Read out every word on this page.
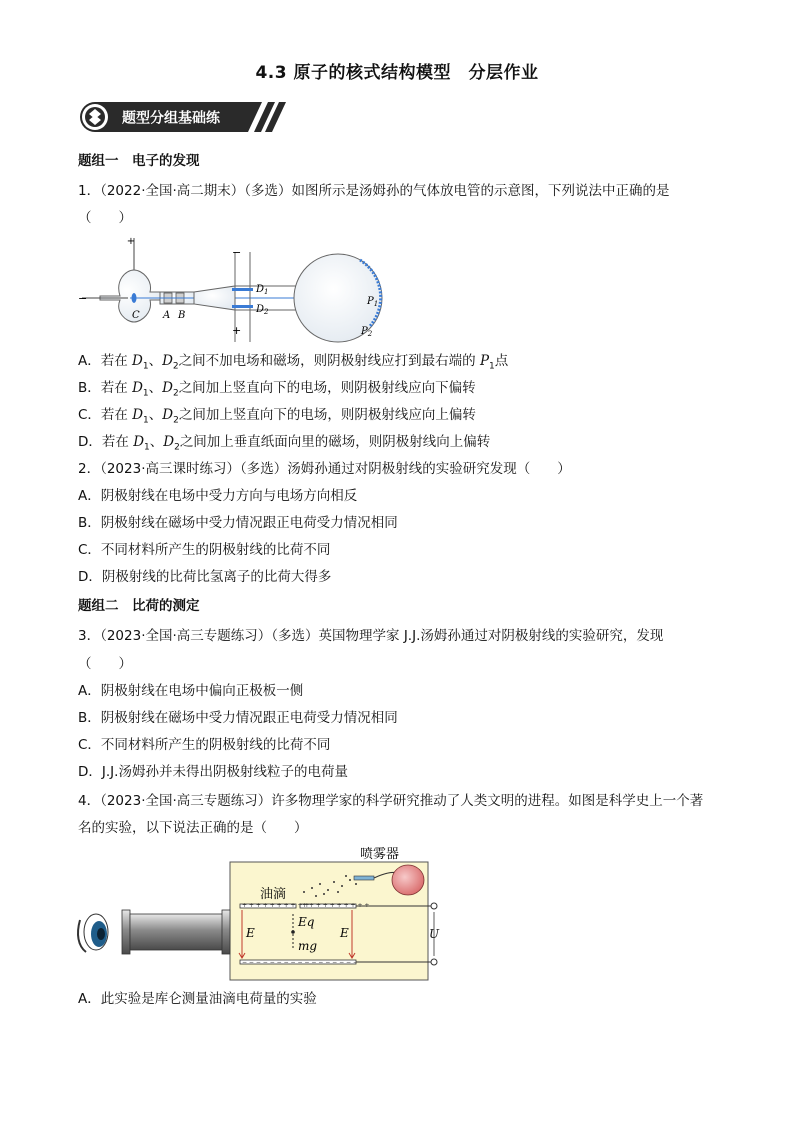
4.3 原子的核式结构模型　分层作业
题型分组基础练
题组一　电子的发现
1．（2022·全国·高二期末）（多选）如图所示是汤姆孙的气体放电管的示意图，下列说法中正确的是
（　　）
+
−
−
+
C A B
$D_1$
$D_2$
$P_1$
$P_2$
A．若在 $D_1$、$D_2$之间不加电场和磁场，则阴极射线应打到最右端的 $P_1$点
B．若在 $D_1$、$D_2$之间加上竖直向下的电场，则阴极射线应向下偏转
C．若在 $D_1$、$D_2$之间加上竖直向下的电场，则阴极射线应向上偏转
D．若在 $D_1$、$D_2$之间加上垂直纸面向里的磁场，则阴极射线向上偏转
2．（2023·高三课时练习）（多选）汤姆孙通过对阴极射线的实验研究发现（　　）
A．阴极射线在电场中受力方向与电场方向相反
B．阴极射线在磁场中受力情况跟正电荷受力情况相同
C．不同材料所产生的阴极射线的比荷不同
D．阴极射线的比荷比氢离子的比荷大得多
题组二　比荷的测定
3．（2023·全国·高三专题练习）（多选）英国物理学家 J.J.汤姆孙通过对阴极射线的实验研究，发现
（　　）
A．阴极射线在电场中偏向正极板一侧
B．阴极射线在磁场中受力情况跟正电荷受力情况相同
C．不同材料所产生的阴极射线的比荷不同
D．J.J.汤姆孙并未得出阴极射线粒子的电荷量
4．（2023·全国·高三专题练习）许多物理学家的科学研究推动了人类文明的进程。如图是科学史上一个著
名的实验，以下说法正确的是（　　）
+ + + + + + + + + +
+ + + + + + + + + +
− − − − − − − − − − − − − − − − − −
喷雾器
油滴
Eq
mg
E	E	U
A．此实验是库仑测量油滴电荷量的实验
